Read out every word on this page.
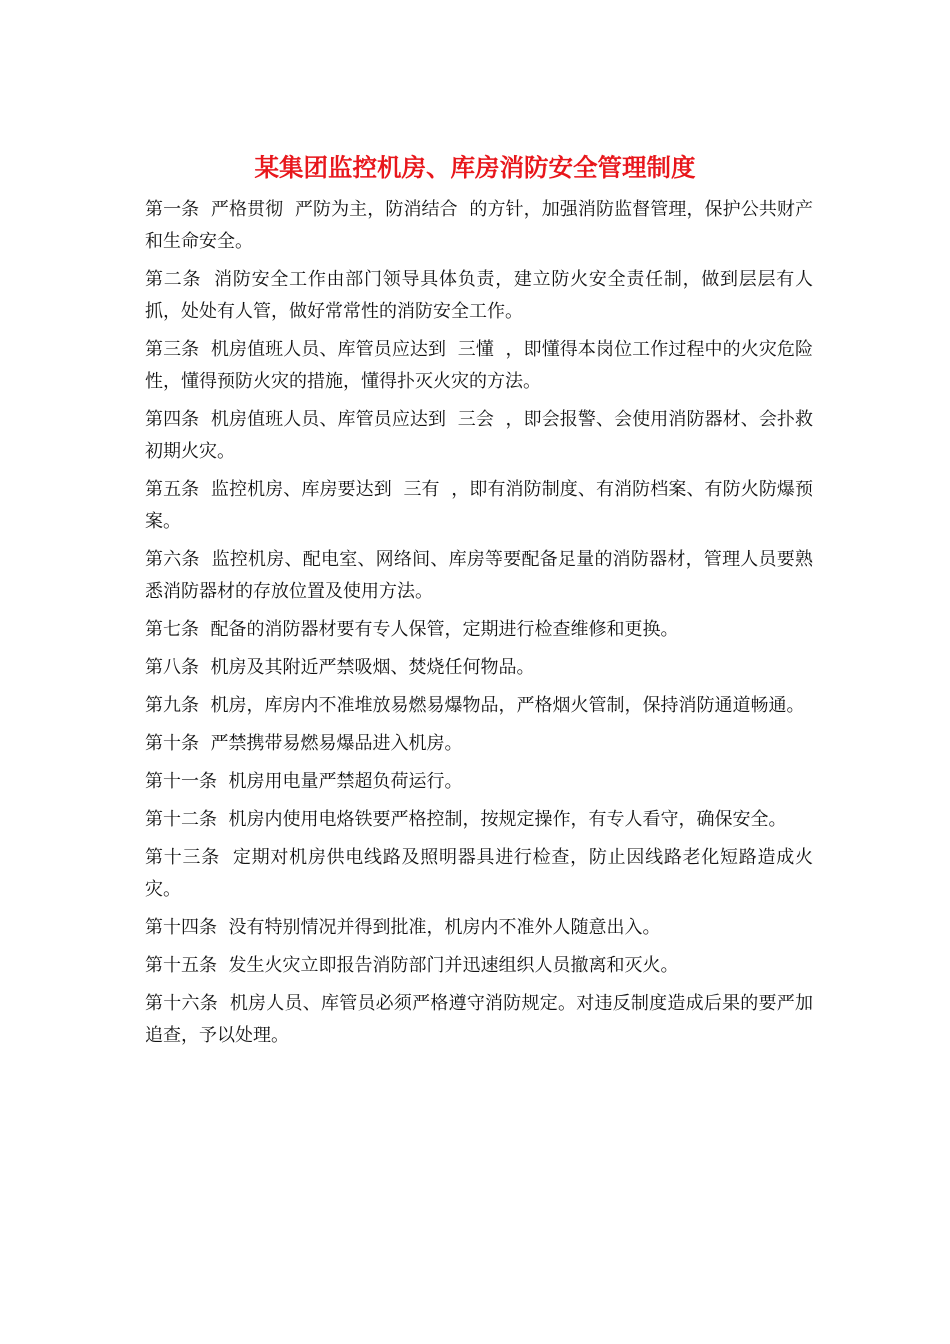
某集团监控机房、库房消防安全管理制度

第一条  严格贯彻  严防为主，防消结合  的方针，加强消防监督管理，保护公共财产和生命安全。

第二条  消防安全工作由部门领导具体负责，建立防火安全责任制，做到层层有人抓，处处有人管，做好常常性的消防安全工作。

第三条  机房值班人员、库管员应达到  三懂  ，即懂得本岗位工作过程中的火灾危险性，懂得预防火灾的措施，懂得扑灭火灾的方法。

第四条  机房值班人员、库管员应达到  三会  ，即会报警、会使用消防器材、会扑救初期火灾。

第五条  监控机房、库房要达到  三有  ，即有消防制度、有消防档案、有防火防爆预案。

第六条  监控机房、配电室、网络间、库房等要配备足量的消防器材，管理人员要熟悉消防器材的存放位置及使用方法。

第七条  配备的消防器材要有专人保管，定期进行检查维修和更换。

第八条  机房及其附近严禁吸烟、焚烧任何物品。

第九条  机房，库房内不准堆放易燃易爆物品，严格烟火管制，保持消防通道畅通。

第十条  严禁携带易燃易爆品进入机房。

第十一条  机房用电量严禁超负荷运行。

第十二条  机房内使用电烙铁要严格控制，按规定操作，有专人看守，确保安全。

第十三条  定期对机房供电线路及照明器具进行检查，防止因线路老化短路造成火灾。

第十四条  没有特别情况并得到批准，机房内不准外人随意出入。

第十五条  发生火灾立即报告消防部门并迅速组织人员撤离和灭火。

第十六条  机房人员、库管员必须严格遵守消防规定。对违反制度造成后果的要严加追查，予以处理。
